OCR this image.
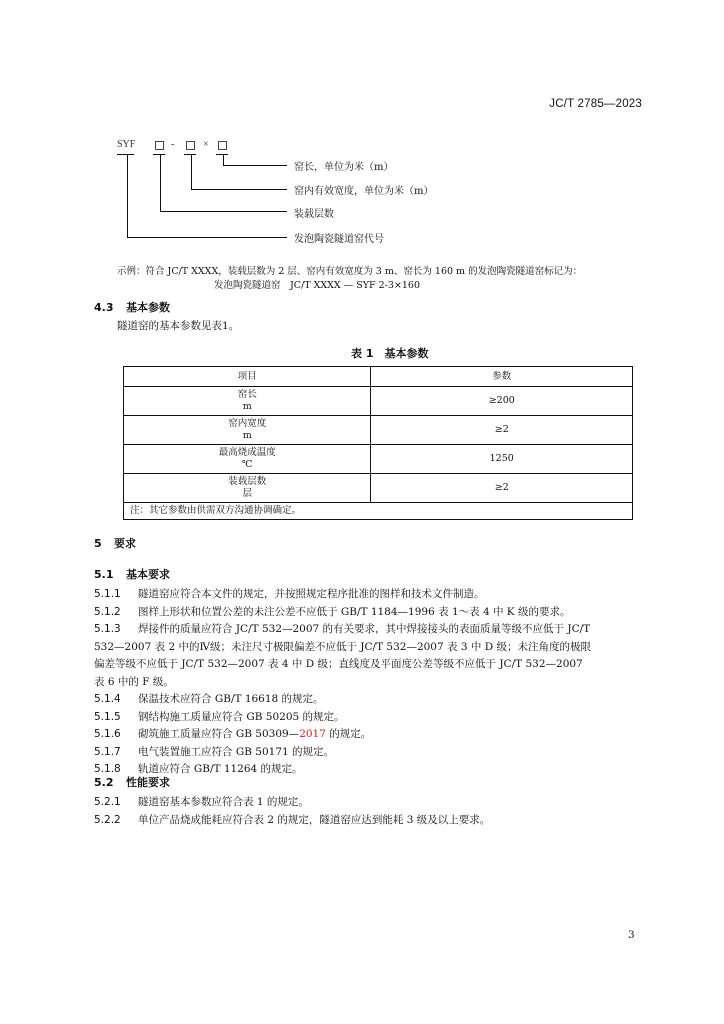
JC/T 2785—2023
SYF	-	×
窑长，单位为米（m）
窑内有效宽度，单位为米（m）
装载层数
发泡陶瓷隧道窑代号
示例：符合 JC/T XXXX，装载层数为 2 层、窑内有效宽度为 3 m、窑长为 160 m 的发泡陶瓷隧道窑标记为：
发泡陶瓷隧道窑　JC/T XXXX — SYF 2-3×160
4.3 基本参数
隧道窑的基本参数见表1。
表 1　基本参数
项目	参数

窑长
m	≥200

窑内宽度
m	≥2

最高烧成温度
℃	1250

装载层数
层	≥2
注：其它参数由供需双方沟通协调确定。	
5 要求
5.1 基本要求
5.1.1 隧道窑应符合本文件的规定，并按照规定程序批准的图样和技术文件制造。
5.1.2 图样上形状和位置公差的未注公差不应低于 GB/T 1184—1996 表 1～表 4 中 K 级的要求。
5.1.3 焊接件的质量应符合 JC/T 532—2007 的有关要求，其中焊接接头的表面质量等级不应低于 JC/T
532—2007 表 2 中的Ⅳ级；未注尺寸极限偏差不应低于 JC/T 532—2007 表 3 中 D 级；未注角度的极限
偏差等级不应低于 JC/T 532—2007 表 4 中 D 级；直线度及平面度公差等级不应低于 JC/T 532—2007
表 6 中的 F 级。
5.1.4 保温技术应符合 GB/T 16618 的规定。
5.1.5 钢结构施工质量应符合 GB 50205 的规定。
5.1.6 砌筑施工质量应符合 GB 50309—2017 的规定。
5.1.7 电气装置施工应符合 GB 50171 的规定。
5.1.8 轨道应符合 GB/T 11264 的规定。
5.2 性能要求
5.2.1 隧道窑基本参数应符合表 1 的规定。
5.2.2 单位产品烧成能耗应符合表 2 的规定，隧道窑应达到能耗 3 级及以上要求。
3
